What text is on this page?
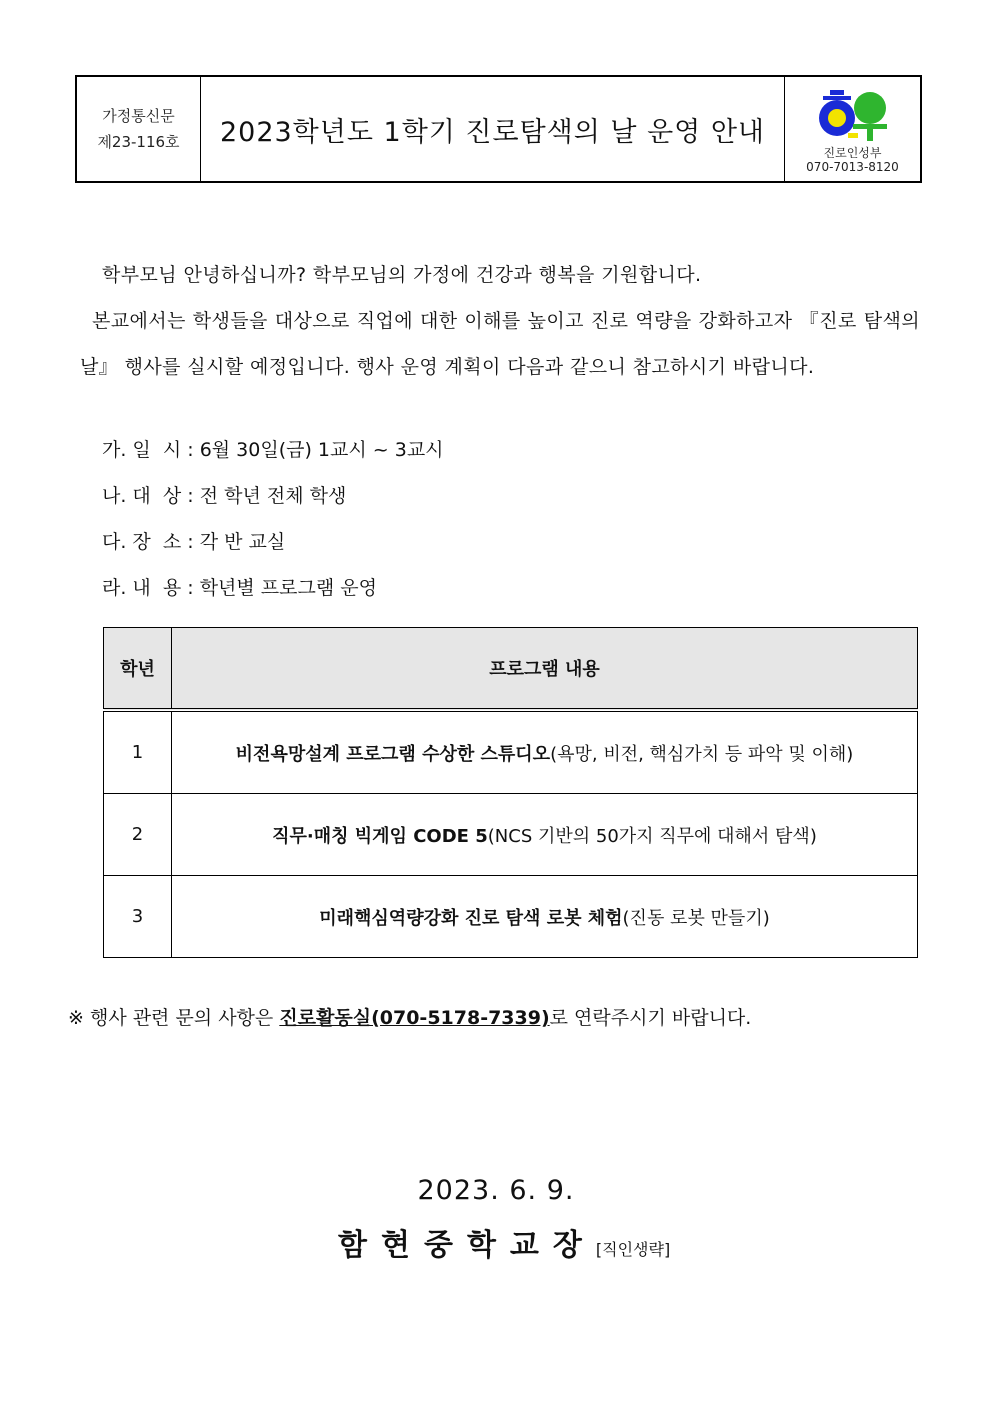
가정통신문
제23-116호	2023학년도 1학기 진로탐색의 날 운영 안내
진로인성부
070-7013-8120
학부모님 안녕하십니까? 학부모님의 가정에 건강과 행복을 기원합니다.
본교에서는 학생들을 대상으로 직업에 대한 이해를 높이고 진로 역량을 강화하고자 『진로 탐색의 날』 행사를 실시할 예정입니다. 행사 운영 계획이 다음과 같으니 참고하시기 바랍니다.
가. 일  시 : 6월 30일(금) 1교시 ~ 3교시
나. 대  상 : 전 학년 전체 학생
다. 장  소 : 각 반 교실
라. 내  용 : 학년별 프로그램 운영
학년	프로그램 내용
1	비전욕망설계 프로그램 수상한 스튜디오(욕망, 비전, 핵심가치 등 파악 및 이해)
2	직무·매칭 빅게임 CODE 5(NCS 기반의 50가지 직무에 대해서 탐색)
3	미래핵심역량강화 진로 탐색 로봇 체험(진동 로봇 만들기)
※ 행사 관련 문의 사항은 진로활동실(070-5178-7339)로 연락주시기 바랍니다.
2023. 6. 9.
함현중학교장[직인생략]
